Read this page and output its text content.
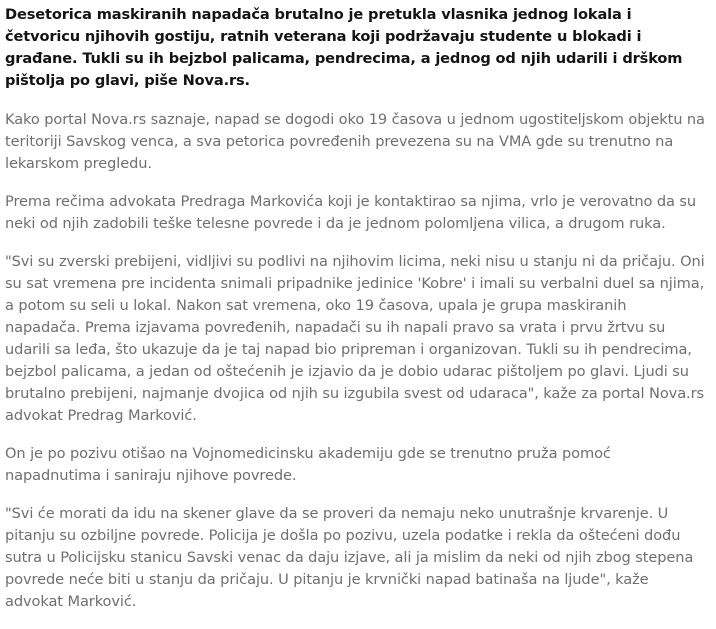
Desetorica maskiranih napadača brutalno je pretukla vlasnika jednog lokala i četvoricu njihovih gostiju, ratnih veterana koji podržavaju studente u blokadi i građane. Tukli su ih bejzbol palicama, pendrecima, a jednog od njih udarili i drškom pištolja po glavi, piše Nova.rs.

Kako portal Nova.rs saznaje, napad se dogodi oko 19 časova u jednom ugostiteljskom objektu na teritoriji Savskog venca, a sva petorica povređenih prevezena su na VMA gde su trenutno na lekarskom pregledu.

Prema rečima advokata Predraga Markovića koji je kontaktirao sa njima, vrlo je verovatno da su neki od njih zadobili teške telesne povrede i da je jednom polomljena vilica, a drugom ruka.

"Svi su zverski prebijeni, vidljivi su podlivi na njihovim licima, neki nisu u stanju ni da pričaju. Oni su sat vremena pre incidenta snimali pripadnike jedinice 'Kobre' i imali su verbalni duel sa njima, a potom su seli u lokal. Nakon sat vremena, oko 19 časova, upala je grupa maskiranih napadača. Prema izjavama povređenih, napadači su ih napali pravo sa vrata i prvu žrtvu su udarili sa leđa, što ukazuje da je taj napad bio pripreman i organizovan. Tukli su ih pendrecima, bejzbol palicama, a jedan od oštećenih je izjavio da je dobio udarac pištoljem po glavi. Ljudi su brutalno prebijeni, najmanje dvojica od njih su izgubila svest od udaraca", kaže za portal Nova.rs advokat Predrag Marković.

On je po pozivu otišao na Vojnomedicinsku akademiju gde se trenutno pruža pomoć napadnutima i saniraju njihove povrede.

"Svi će morati da idu na skener glave da se proveri da nemaju neko unutrašnje krvarenje. U pitanju su ozbiljne povrede. Policija je došla po pozivu, uzela podatke i rekla da oštećeni dođu sutra u Policijsku stanicu Savski venac da daju izjave, ali ja mislim da neki od njih zbog stepena povrede neće biti u stanju da pričaju. U pitanju je krvnički napad batinaša na ljude", kaže advokat Marković.
